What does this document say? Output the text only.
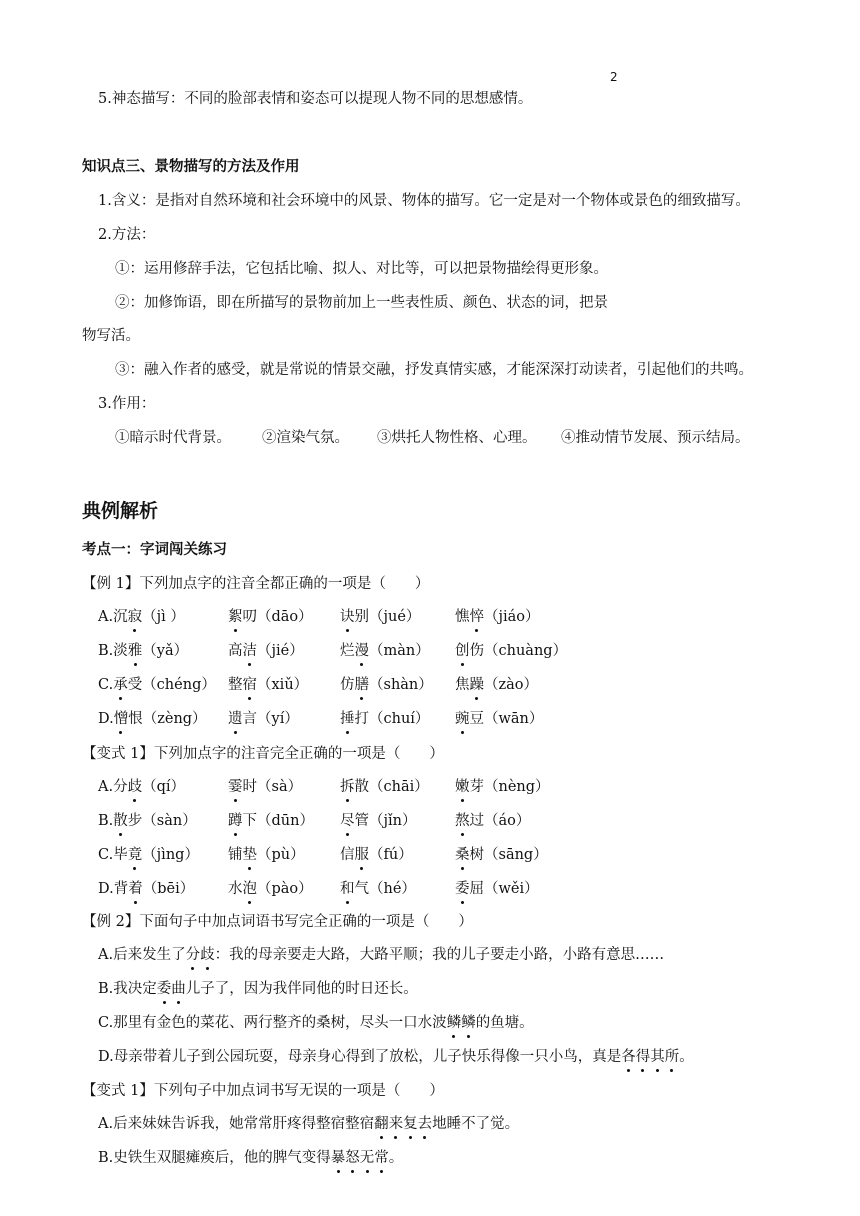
2
5.神态描写：不同的脸部表情和姿态可以提现人物不同的思想感情。
知识点三、景物描写的方法及作用
1.含义：是指对自然环境和社会环境中的风景、物体的描写。它一定是对一个物体或景色的细致描写。
2.方法：
①：运用修辞手法，它包括比喻、拟人、对比等，可以把景物描绘得更形象。
②：加修饰语，即在所描写的景物前加上一些表性质、颜色、状态的词，把景
物写活。
③：融入作者的感受，就是常说的情景交融，抒发真情实感，才能深深打动读者，引起他们的共鸣。
3.作用：
①暗示时代背景。 ②渲染气氛。 ③烘托人物性格、心理。 ④推动情节发展、预示结局。
典例解析
考点一：字词闯关练习
【例 1】下列加点字的注音全都正确的一项是（　　）
A.沉寂（jì ）	絮叨（dāo） 诀别（jué） 憔悴（jiáo）
B.淡雅（yǎ）	高洁（jié）	烂漫（màn） 创伤（chuàng）
C.承受（chéng） 整宿（xiǔ） 仿膳（shàn） 焦躁（zào）
D.憎恨（zèng） 遗言（yí）	捶打（chuí） 豌豆（wān）
【变式 1】下列加点字的注音完全正确的一项是（　　）
A.分歧（qí）	霎时（sà）	拆散（chāi） 嫩芽（nèng）
B.散步（sàn） 蹲下（dūn） 尽管（jǐn）	熬过（áo）
C.毕竟（jìng） 铺垫（pù） 信服（fú）	桑树（sāng）
D.背着（bēi） 水泡（pào） 和气（hé）	委屈（wěi）
【例 2】下面句子中加点词语书写完全正确的一项是（　　）
A.后来发生了分歧：我的母亲要走大路，大路平顺；我的儿子要走小路，小路有意思……
B.我决定委曲儿子了，因为我伴同他的时日还长。
C.那里有金色的菜花、两行整齐的桑树，尽头一口水波鳞鳞的鱼塘。
D.母亲带着儿子到公园玩耍，母亲身心得到了放松，儿子快乐得像一只小鸟，真是各得其所。
【变式 1】下列句子中加点词书写无误的一项是（　　）
A.后来妹妹告诉我，她常常肝疼得整宿整宿翻来复去地睡不了觉。
B.史铁生双腿瘫痪后，他的脾气变得暴怒无常。
